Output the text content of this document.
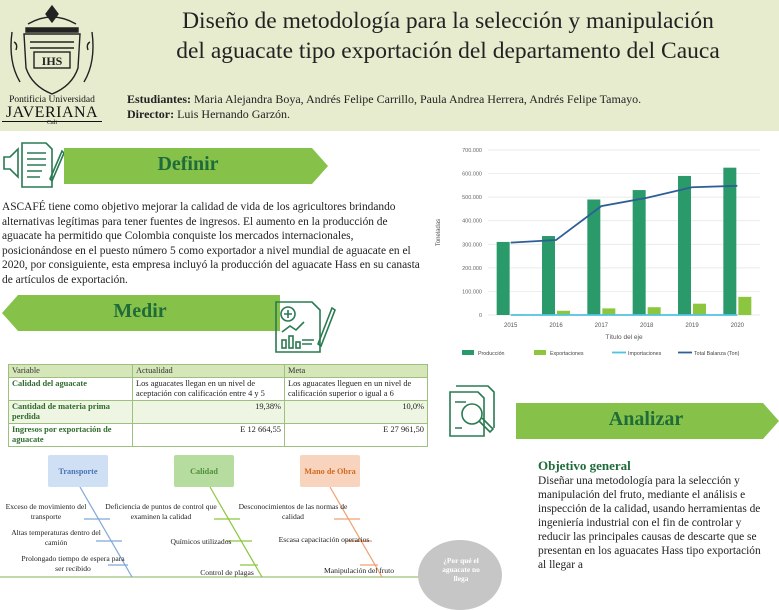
IHS
Pontificia Universidad
JAVERIANA
Cali
Diseño de metodología para la selección y manipulación
del aguacate tipo exportación del departamento del Cauca
Estudiantes: Maria Alejandra Boya, Andrés Felipe Carrillo, Paula Andrea Herrera, Andrés Felipe Tamayo.
Director: Luis Hernando Garzón.
Definir
ASCAFÉ tiene como objetivo mejorar la calidad de vida de los agricultores brindando alternativas legítimas para tener fuentes de ingresos. El aumento en la producción de aguacate ha permitido que Colombia conquiste los mercados internacionales, posicionándose en el puesto número 5 como exportador a nivel mundial de aguacate en el 2020, por consiguiente, esta empresa incluyó la producción del aguacate Hass en su canasta de artículos de exportación.
Medir
Variable	Actualidad	Meta
Calidad del aguacate	Los aguacates llegan en un nivel de aceptación con calificación entre 4 y 5	Los aguacates lleguen en un nivel de calificación superior o igual a 6
Cantidad de materia prima perdida	19,38%	10,0%
Ingresos por exportación de aguacate	E 12 664,55	E 27 961,50
Transporte	Calidad	Mano de Obra
Exceso de movimiento del transporte
Altas temperaturas dentro del camión
Prolongado tiempo de espera para ser recibido
Deficiencia de puntos de control que examinen la calidad
Químicos utilizados
Control de plagas
Desconocimientos de las normas de calidad
Escasa capacitación operarios
Manipulación del fruto
¿Por qué el aguacate no llega
0
100.000
200.000
300.000
400.000
500.000
600.000
700.000
Toneladas
2015	2016	2017	2018	2019	2020
Título del eje
Producción	Exportaciones	Importaciones	Total Balanza (Ton)
Analizar
Objetivo general
Diseñar una metodología para la selección y manipulación del fruto, mediante el análisis e inspección de la calidad, usando herramientas de ingeniería industrial con el fin de controlar y reducir las principales causas de descarte que se presentan en los aguacates Hass tipo exportación al llegar a
